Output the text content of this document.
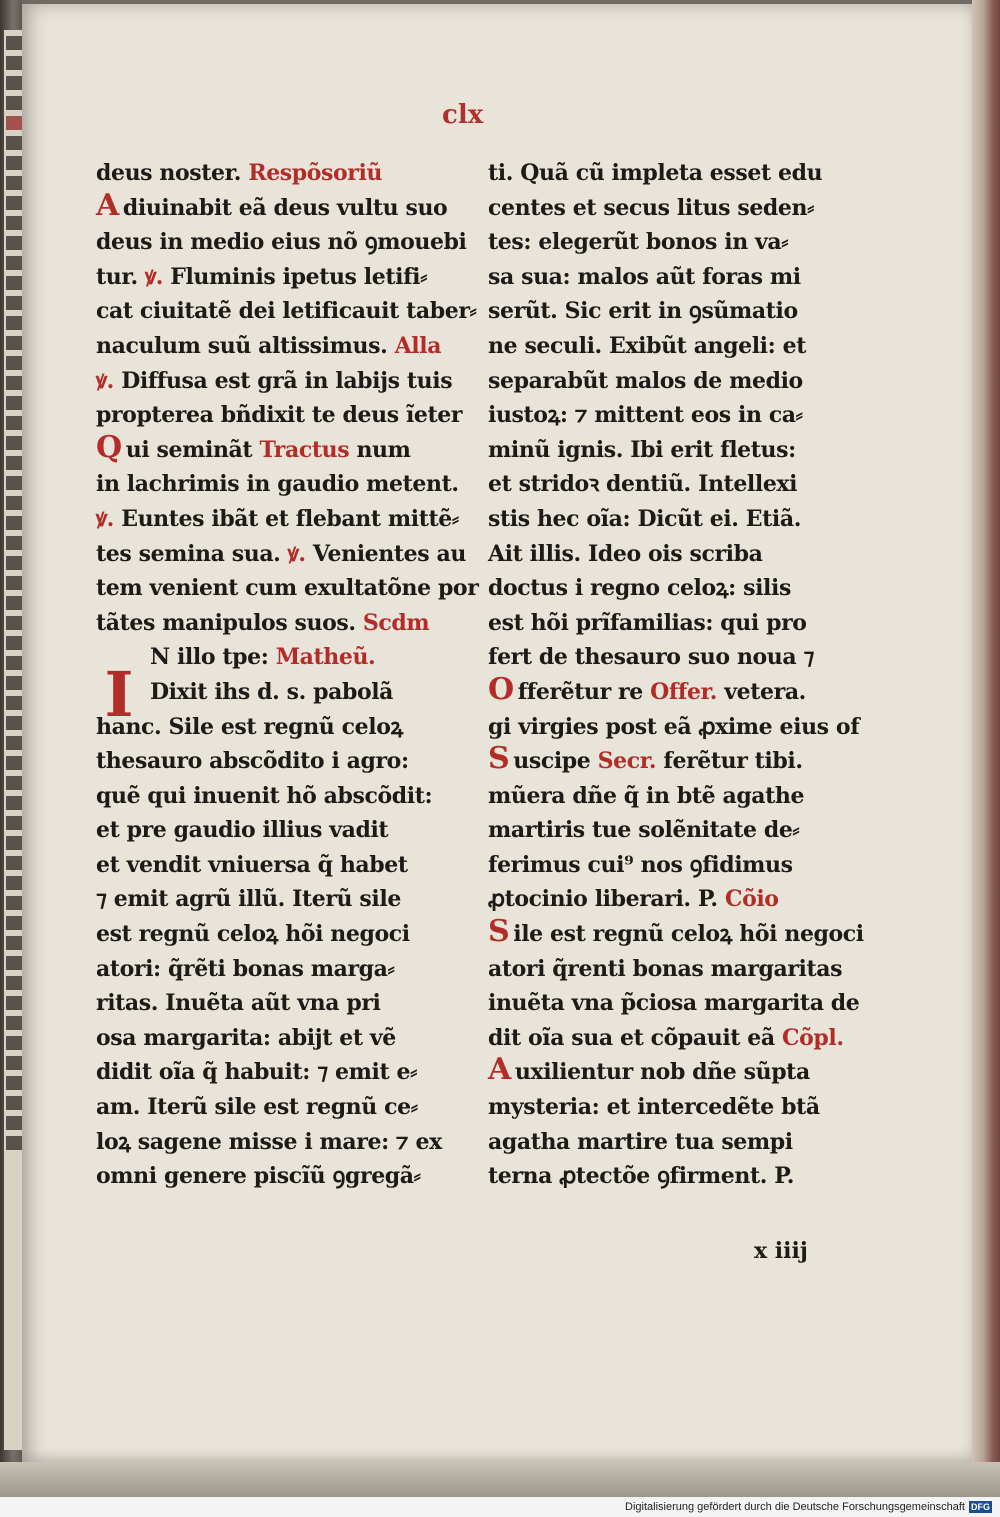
clx
I
deus noster. Respõsoriũ
A diuinabit eã deus vultu suo
deus in medio eius nõ ꝯmouebi
tur. ꝟ. Fluminis ipetus letifi⸗
cat ciuitatẽ dei letificauit taber⸗
naculum suũ altissimus. Alla
ꝟ. Diffusa est grã in labijs tuis
propterea bñdixit te deus ĩeter
Q ui seminãt Tractus num
in lachrimis in gaudio metent.
ꝟ. Euntes ibãt et flebant mittẽ⸗
tes semina sua. ꝟ. Venientes au
tem venient cum exultatõne por
tãtes manipulos suos. Scdm
N illo tpe: Matheũ.
Dixit ihs d. s. pabolã
hanc. Sile est regnũ celoꝝ
thesauro abscõdito i agro:
quẽ qui inuenit hõ abscõdit:
et pre gaudio illius vadit
et vendit vniuersa q̃ habet
⁊ emit agrũ illũ. Iterũ sile
est regnũ celoꝝ hõi negoci
atori: q̃rẽti bonas marga⸗
ritas. Inuẽta aũt vna pri
osa margarita: abijt et vẽ
didit oĩa q̃ habuit: ⁊ emit e⸗
am. Iterũ sile est regnũ ce⸗
loꝝ sagene misse i mare: ⁊ ex
omni genere piscĩũ ꝯgregã⸗
ti. Quã cũ impleta esset edu
centes et secus litus seden⸗
tes: elegerũt bonos in va⸗
sa sua: malos aũt foras mi
serũt. Sic erit in ꝯsũmatio
ne seculi. Exibũt angeli: et
separabũt malos de medio
iustoꝝ: ⁊ mittent eos in ca⸗
minũ ignis. Ibi erit fletus:
et stridoꝛ dentiũ. Intellexi
stis hec oĩa: Dicũt ei. Etiã.
Ait illis. Ideo ois scriba
doctus i regno celoꝝ: silis
est hõi prĩfamilias: qui pro
fert de thesauro suo noua ⁊
O fferẽtur re Offer. vetera.
gi virgies post eã ꝓxime eius of
S uscipe Secr. ferẽtur tibi.
mũera dñe q̃ in btẽ agathe
martiris tue solẽnitate de⸗
ferimus cui⁹ nos ꝯfidimus
ꝓtocinio liberari. P. Cõio
S ile est regnũ celoꝝ hõi negoci
atori q̃renti bonas margaritas
inuẽta vna p̃ciosa margarita de
dit oĩa sua et cõpauit eã Cõpl.
A uxilientur nob dñe sũpta
mysteria: et intercedẽte btã
agatha martire tua sempi
terna ꝓtectõe ꝯfirment. P.
x iiij
Digitalisierung gefördert durch die Deutsche Forschungsgemeinschaft DFG
